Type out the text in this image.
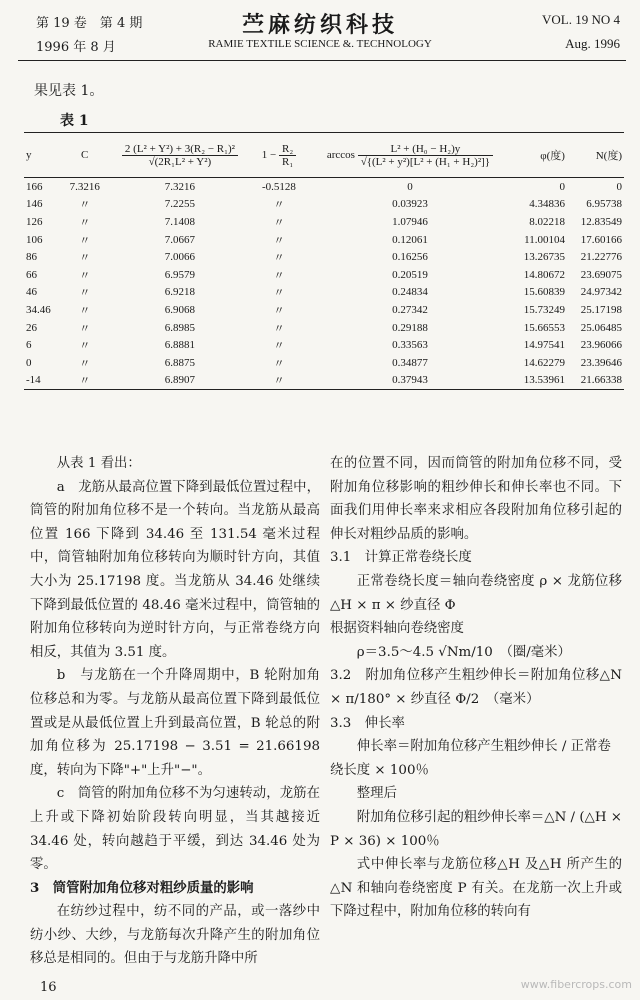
第 19 卷　第 4 期
1996 年 8 月
苎麻纺织科技
RAMIE TEXTILE SCIENCE &. TECHNOLOGY
VOL. 19 NO 4
Aug. 1996
果见表 1。
表 1
y	C	$\frac{\text{2 (L² + Y²) + 3(R₂ − R₁)²}}{\text{√(2R₁L² + Y²)}}$	$1 - \frac{\text{R₂}}{\text{R₁}}$	$\arccos \frac{\text{L² + (H₀ − H₂)y}}{\text{√\{(L² + y²)[L² + (H₁ + H₂)²]\}}}$	φ(度)	N(度)
166	7.3216	7.3216	-0.5128	0	0	0
146	〃	7.2255	〃	0.03923	4.34836	6.95738
126	〃	7.1408	〃	1.07946	8.02218	12.83549
106	〃	7.0667	〃	0.12061	11.00104	17.60166
86	〃	7.0066	〃	0.16256	13.26735	21.22776
66	〃	6.9579	〃	0.20519	14.80672	23.69075
46	〃	6.9218	〃	0.24834	15.60839	24.97342
34.46	〃	6.9068	〃	0.27342	15.73249	25.17198
26	〃	6.8985	〃	0.29188	15.66553	25.06485
6	〃	6.8881	〃	0.33563	14.97541	23.96066
0	〃	6.8875	〃	0.34877	14.62279	23.39646
-14	〃	6.8907	〃	0.37943	13.53961	21.66338

从表 1 看出：

a　龙筋从最高位置下降到最低位置过程中，筒管的附加角位移不是一个转向。当龙筋从最高位置 166 下降到 34.46 至 131.54 毫米过程中，筒管轴附加角位移转向为顺时针方向，其值大小为 25.17198 度。当龙筋从 34.46 处继续下降到最低位置的 48.46 毫米过程中，筒管轴的附加角位移转向为逆时针方向，与正常卷绕方向相反，其值为 3.51 度。

b　与龙筋在一个升降周期中，B 轮附加角位移总和为零。与龙筋从最高位置下降到最低位置或是从最低位置上升到最高位置，B 轮总的附加角位移为 25.17198 − 3.51 = 21.66198 度，转向为下降"+"上升"−"。

c　筒管的附加角位移不为匀速转动，龙筋在上升或下降初始阶段转向明显，当其越接近 34.46 处，转向越趋于平缓，到达 34.46 处为零。

3　筒管附加角位移对粗纱质量的影响

在纺纱过程中，纺不同的产品，或一落纱中纺小纱、大纱，与龙筋每次升降产生的附加角位移总是相同的。但由于与龙筋升降中所

在的位置不同，因而筒管的附加角位移不同，受附加角位移影响的粗纱伸长和伸长率也不同。下面我们用伸长率来求相应各段附加角位移引起的伸长对粗纱品质的影响。

3.1　计算正常卷绕长度

正常卷绕长度＝轴向卷绕密度 ρ × 龙筋位移△H × π × 纱直径 Φ

根据资料轴向卷绕密度

ρ＝3.5～4.5 √Nm/10　（圈/毫米）

3.2　附加角位移产生粗纱伸长＝附加角位移△N × π/180° × 纱直径 Φ/2　（毫米）

3.3　伸长率

伸长率＝附加角位移产生粗纱伸长 / 正常卷绕长度 × 100％

整理后

附加角位移引起的粗纱伸长率＝△N / (△H × P × 36) × 100％

式中伸长率与龙筋位移△H 及△H 所产生的△N 和轴向卷绕密度 P 有关。在龙筋一次上升或下降过程中，附加角位移的转向有

16	www.fibercrops.com
